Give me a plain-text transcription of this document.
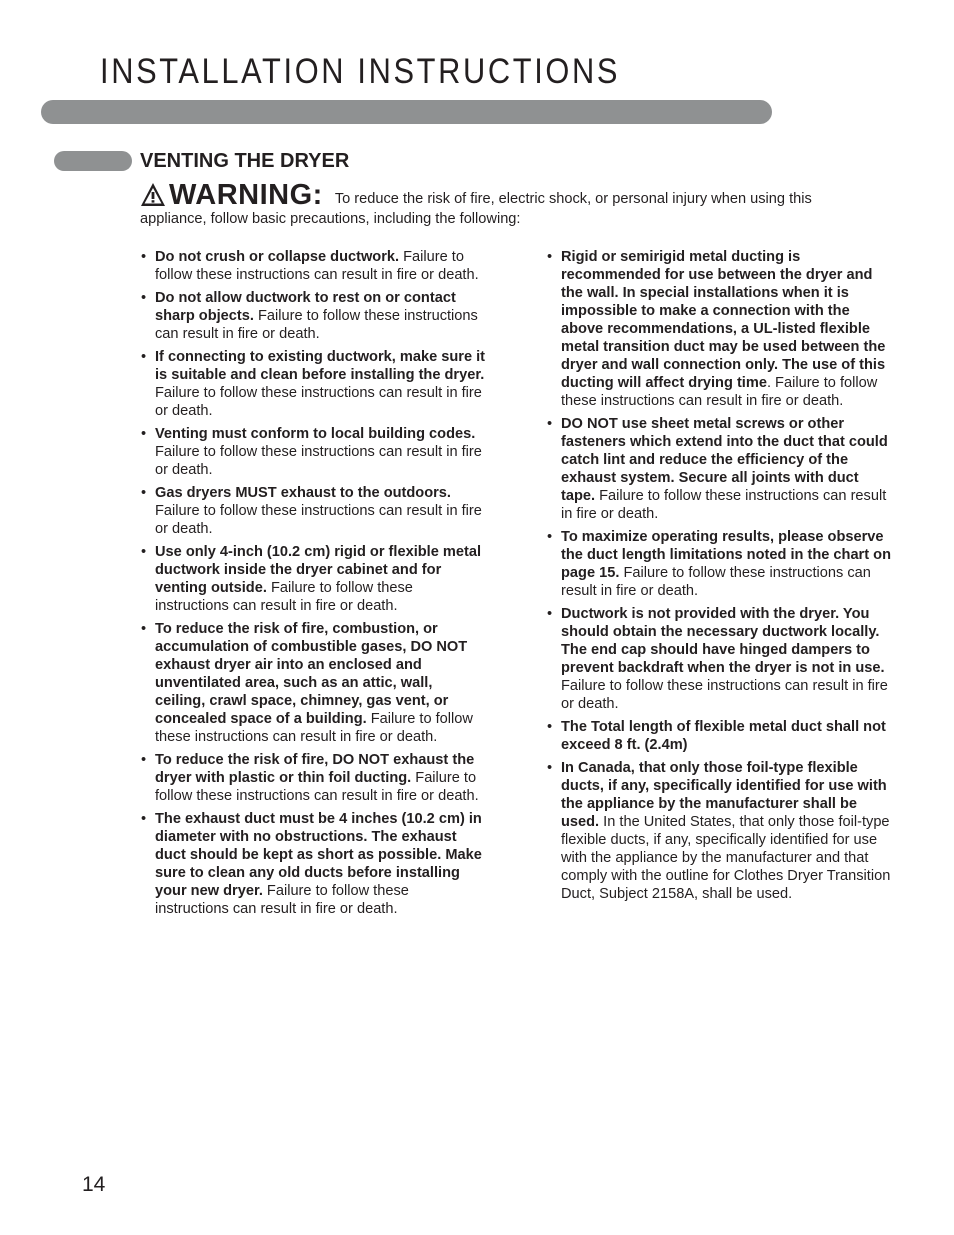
INSTALLATION INSTRUCTIONS
VENTING THE DRYER
WARNING: To reduce the risk of fire, electric shock, or personal injury when using this
appliance, follow basic precautions, including the following:
• Do not crush or collapse ductwork. Failure to follow these instructions can result in fire or death.
• Do not allow ductwork to rest on or contact sharp objects. Failure to follow these instructions can result in fire or death.
• If connecting to existing ductwork, make sure it is suitable and clean before installing the dryer. Failure to follow these instructions can result in fire or death.
• Venting must conform to local building codes. Failure to follow these instructions can result in fire or death.
• Gas dryers MUST exhaust to the outdoors. Failure to follow these instructions can result in fire or death.
• Use only 4-inch (10.2 cm) rigid or flexible metal ductwork inside the dryer cabinet and for venting outside. Failure to follow these instructions can result in fire or death.
• To reduce the risk of fire, combustion, or accumulation of combustible gases, DO NOT exhaust dryer air into an enclosed and unventilated area, such as an attic, wall, ceiling, crawl space, chimney, gas vent, or concealed space of a building. Failure to follow these instructions can result in fire or death.
• To reduce the risk of fire, DO NOT exhaust the dryer with plastic or thin foil ducting. Failure to follow these instructions can result in fire or death.
• The exhaust duct must be 4 inches (10.2 cm) in diameter with no obstructions. The exhaust duct should be kept as short as possible. Make sure to clean any old ducts before installing your new dryer. Failure to follow these instructions can result in fire or death.
• Rigid or semirigid metal ducting is recommended for use between the dryer and the wall. In special installations when it is impossible to make a connection with the above recommendations, a UL-listed flexible metal transition duct may be used between the dryer and wall connection only. The use of this ducting will affect drying time. Failure to follow these instructions can result in fire or death.
• DO NOT use sheet metal screws or other fasteners which extend into the duct that could catch lint and reduce the efficiency of the exhaust system. Secure all joints with duct tape. Failure to follow these instructions can result in fire or death.
• To maximize operating results, please observe the duct length limitations noted in the chart on page 15. Failure to follow these instructions can result in fire or death.
• Ductwork is not provided with the dryer. You should obtain the necessary ductwork locally. The end cap should have hinged dampers to prevent backdraft when the dryer is not in use. Failure to follow these instructions can result in fire or death.
• The Total length of flexible metal duct shall not exceed 8 ft. (2.4m)
• In Canada, that only those foil-type flexible ducts, if any, specifically identified for use with the appliance by the manufacturer shall be used. In the United States, that only those foil-type flexible ducts, if any, specifically identified for use with the appliance by the manufacturer and that comply with the outline for Clothes Dryer Transition Duct, Subject 2158A, shall be used.
14
